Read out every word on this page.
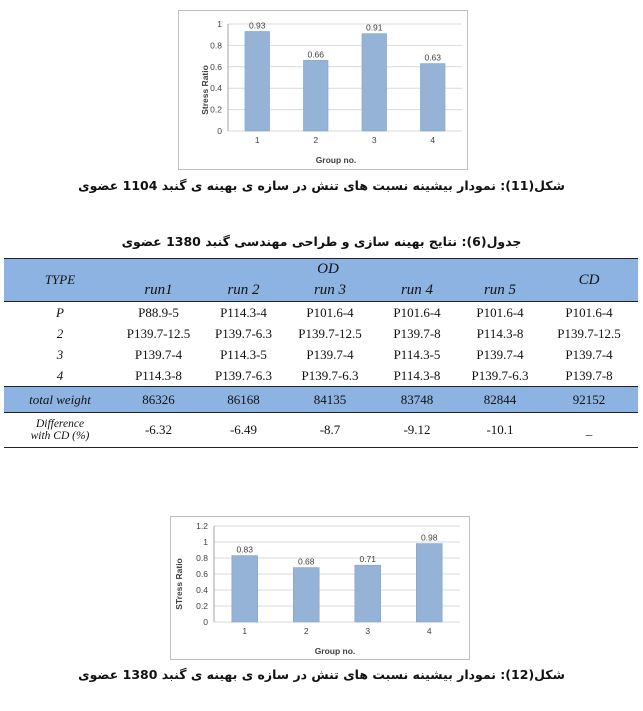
0.93
0.66
0.91
0.63
0
0.2
0.4
0.6
0.8
1
1	2	3	4
Stress Ratio
Group no.
شکل(11): نمودار بیشینه نسبت های تنش در سازه ی بهینه ی گنبد 1104 عضوی
جدول(6): نتایج بهینه سازی و طراحی مهندسی گنبد 1380 عضوی
TYPE	OD					CD
	run1	run 2	run 3	run 4	run 5	
P	P88.9-5	P114.3-4	P101.6-4	P101.6-4	P101.6-4	P101.6-4
2	P139.7-12.5	P139.7-6.3	P139.7-12.5	P139.7-8	P114.3-8	P139.7-12.5
3	P139.7-4	P114.3-5	P139.7-4	P114.3-5	P139.7-4	P139.7-4
4	P114.3-8	P139.7-6.3	P139.7-6.3	P114.3-8	P139.7-6.3	P139.7-8
total weight	86326	86168	84135	83748	82844	92152
Difference
with CD (%)	-6.32	-6.49	-8.7	-9.12	-10.1	_
0.83
0.68	0.71
0.98
0
0.2
0.4
0.6
0.8
1
1.2
1	2	3	4
STress Ratio
Group no.
شکل(12): نمودار بیشینه نسبت های تنش در سازه ی بهینه ی گنبد 1380 عضوی
